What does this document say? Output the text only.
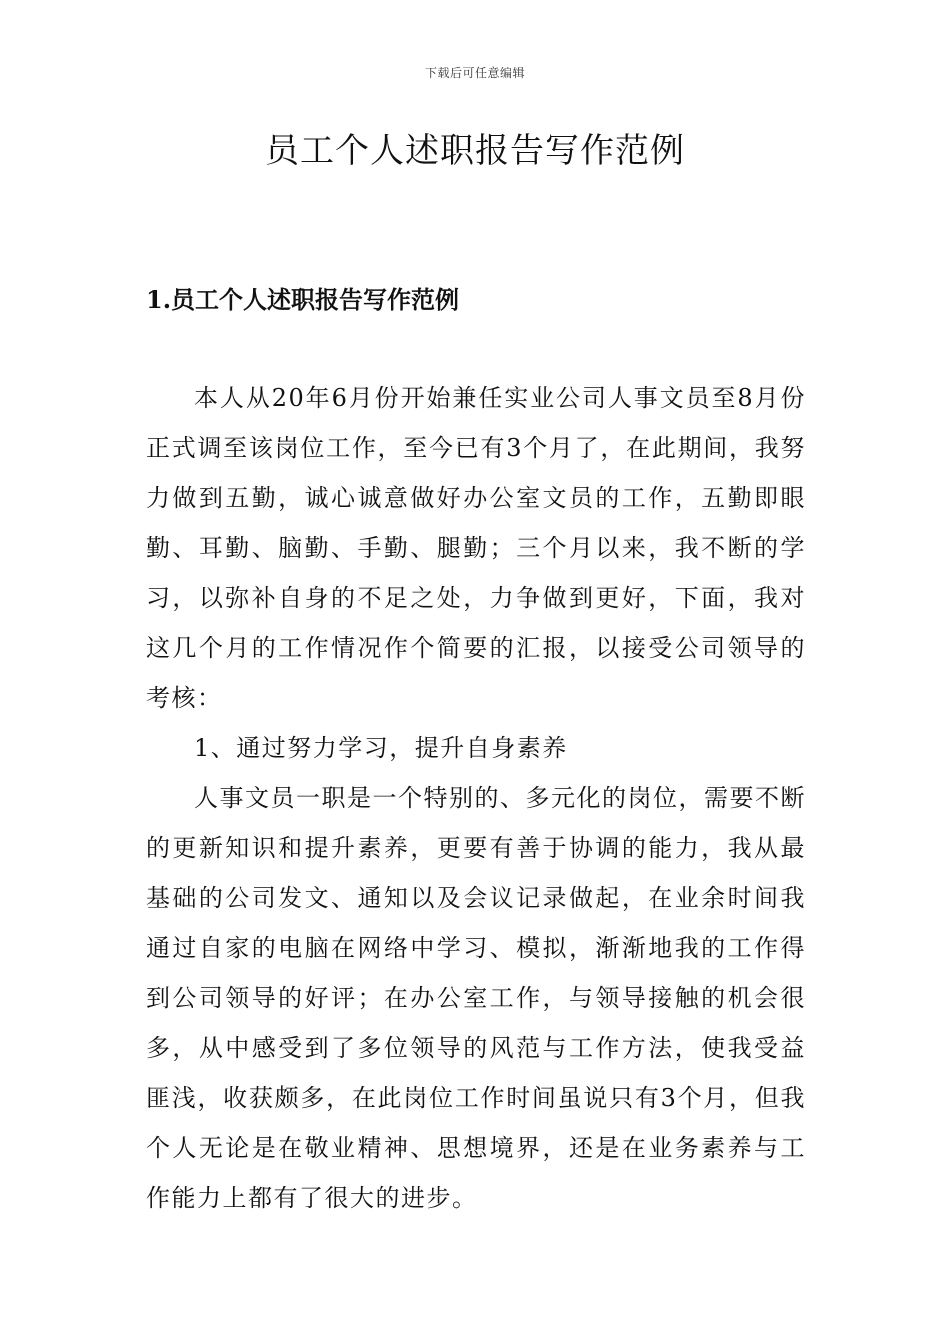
下载后可任意编辑
员工个人述职报告写作范例
1.员工个人述职报告写作范例

本人从20年6月份开始兼任实业公司人事文员至8月份正式调至该岗位工作，至今已有3个月了，在此期间，我努力做到五勤，诚心诚意做好办公室文员的工作，五勤即眼勤、耳勤、脑勤、手勤、腿勤；三个月以来，我不断的学习，以弥补自身的不足之处，力争做到更好，下面，我对这几个月的工作情况作个简要的汇报，以接受公司领导的考核：

1、通过努力学习，提升自身素养

人事文员一职是一个特别的、多元化的岗位，需要不断的更新知识和提升素养，更要有善于协调的能力，我从最基础的公司发文、通知以及会议记录做起，在业余时间我通过自家的电脑在网络中学习、模拟，渐渐地我的工作得到公司领导的好评；在办公室工作，与领导接触的机会很多，从中感受到了多位领导的风范与工作方法，使我受益匪浅，收获颇多，在此岗位工作时间虽说只有3个月，但我个人无论是在敬业精神、思想境界，还是在业务素养与工作能力上都有了很大的进步。
